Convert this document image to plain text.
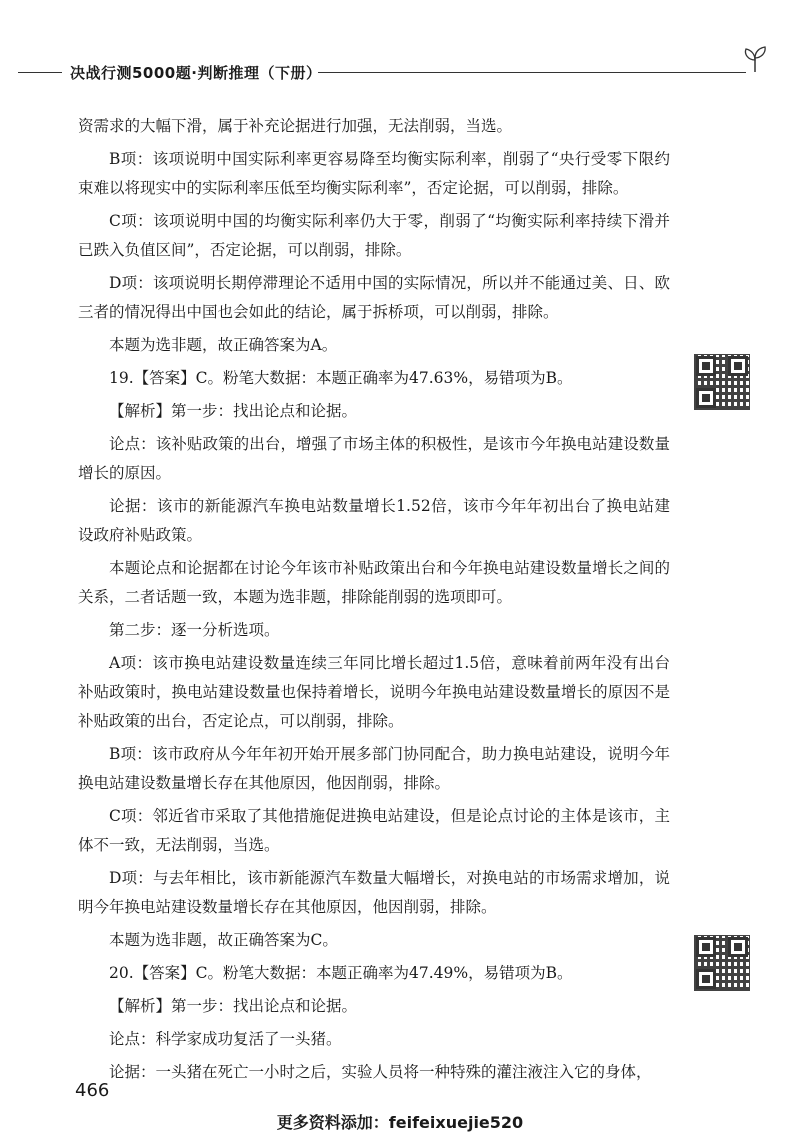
决战行测5000题·判断推理（下册）

资需求的大幅下滑，属于补充论据进行加强，无法削弱，当选。

B项：该项说明中国实际利率更容易降至均衡实际利率，削弱了“央行受零下限约束难以将现实中的实际利率压低至均衡实际利率”，否定论据，可以削弱，排除。

C项：该项说明中国的均衡实际利率仍大于零，削弱了“均衡实际利率持续下滑并已跌入负值区间”，否定论据，可以削弱，排除。

D项：该项说明长期停滞理论不适用中国的实际情况，所以并不能通过美、日、欧三者的情况得出中国也会如此的结论，属于拆桥项，可以削弱，排除。

本题为选非题，故正确答案为A。

19.【答案】C。粉笔大数据：本题正确率为47.63%，易错项为B。

【解析】第一步：找出论点和论据。

论点：该补贴政策的出台，增强了市场主体的积极性，是该市今年换电站建设数量增长的原因。

论据：该市的新能源汽车换电站数量增长1.52倍，该市今年年初出台了换电站建设政府补贴政策。

本题论点和论据都在讨论今年该市补贴政策出台和今年换电站建设数量增长之间的关系，二者话题一致，本题为选非题，排除能削弱的选项即可。

第二步：逐一分析选项。

A项：该市换电站建设数量连续三年同比增长超过1.5倍，意味着前两年没有出台补贴政策时，换电站建设数量也保持着增长，说明今年换电站建设数量增长的原因不是补贴政策的出台，否定论点，可以削弱，排除。

B项：该市政府从今年年初开始开展多部门协同配合，助力换电站建设，说明今年换电站建设数量增长存在其他原因，他因削弱，排除。

C项：邻近省市采取了其他措施促进换电站建设，但是论点讨论的主体是该市，主体不一致，无法削弱，当选。

D项：与去年相比，该市新能源汽车数量大幅增长，对换电站的市场需求增加，说明今年换电站建设数量增长存在其他原因，他因削弱，排除。

本题为选非题，故正确答案为C。

20.【答案】C。粉笔大数据：本题正确率为47.49%，易错项为B。

【解析】第一步：找出论点和论据。

论点：科学家成功复活了一头猪。

论据：一头猪在死亡一小时之后，实验人员将一种特殊的灌注液注入它的身体，

466
更多资料添加：feifeixuejie520
